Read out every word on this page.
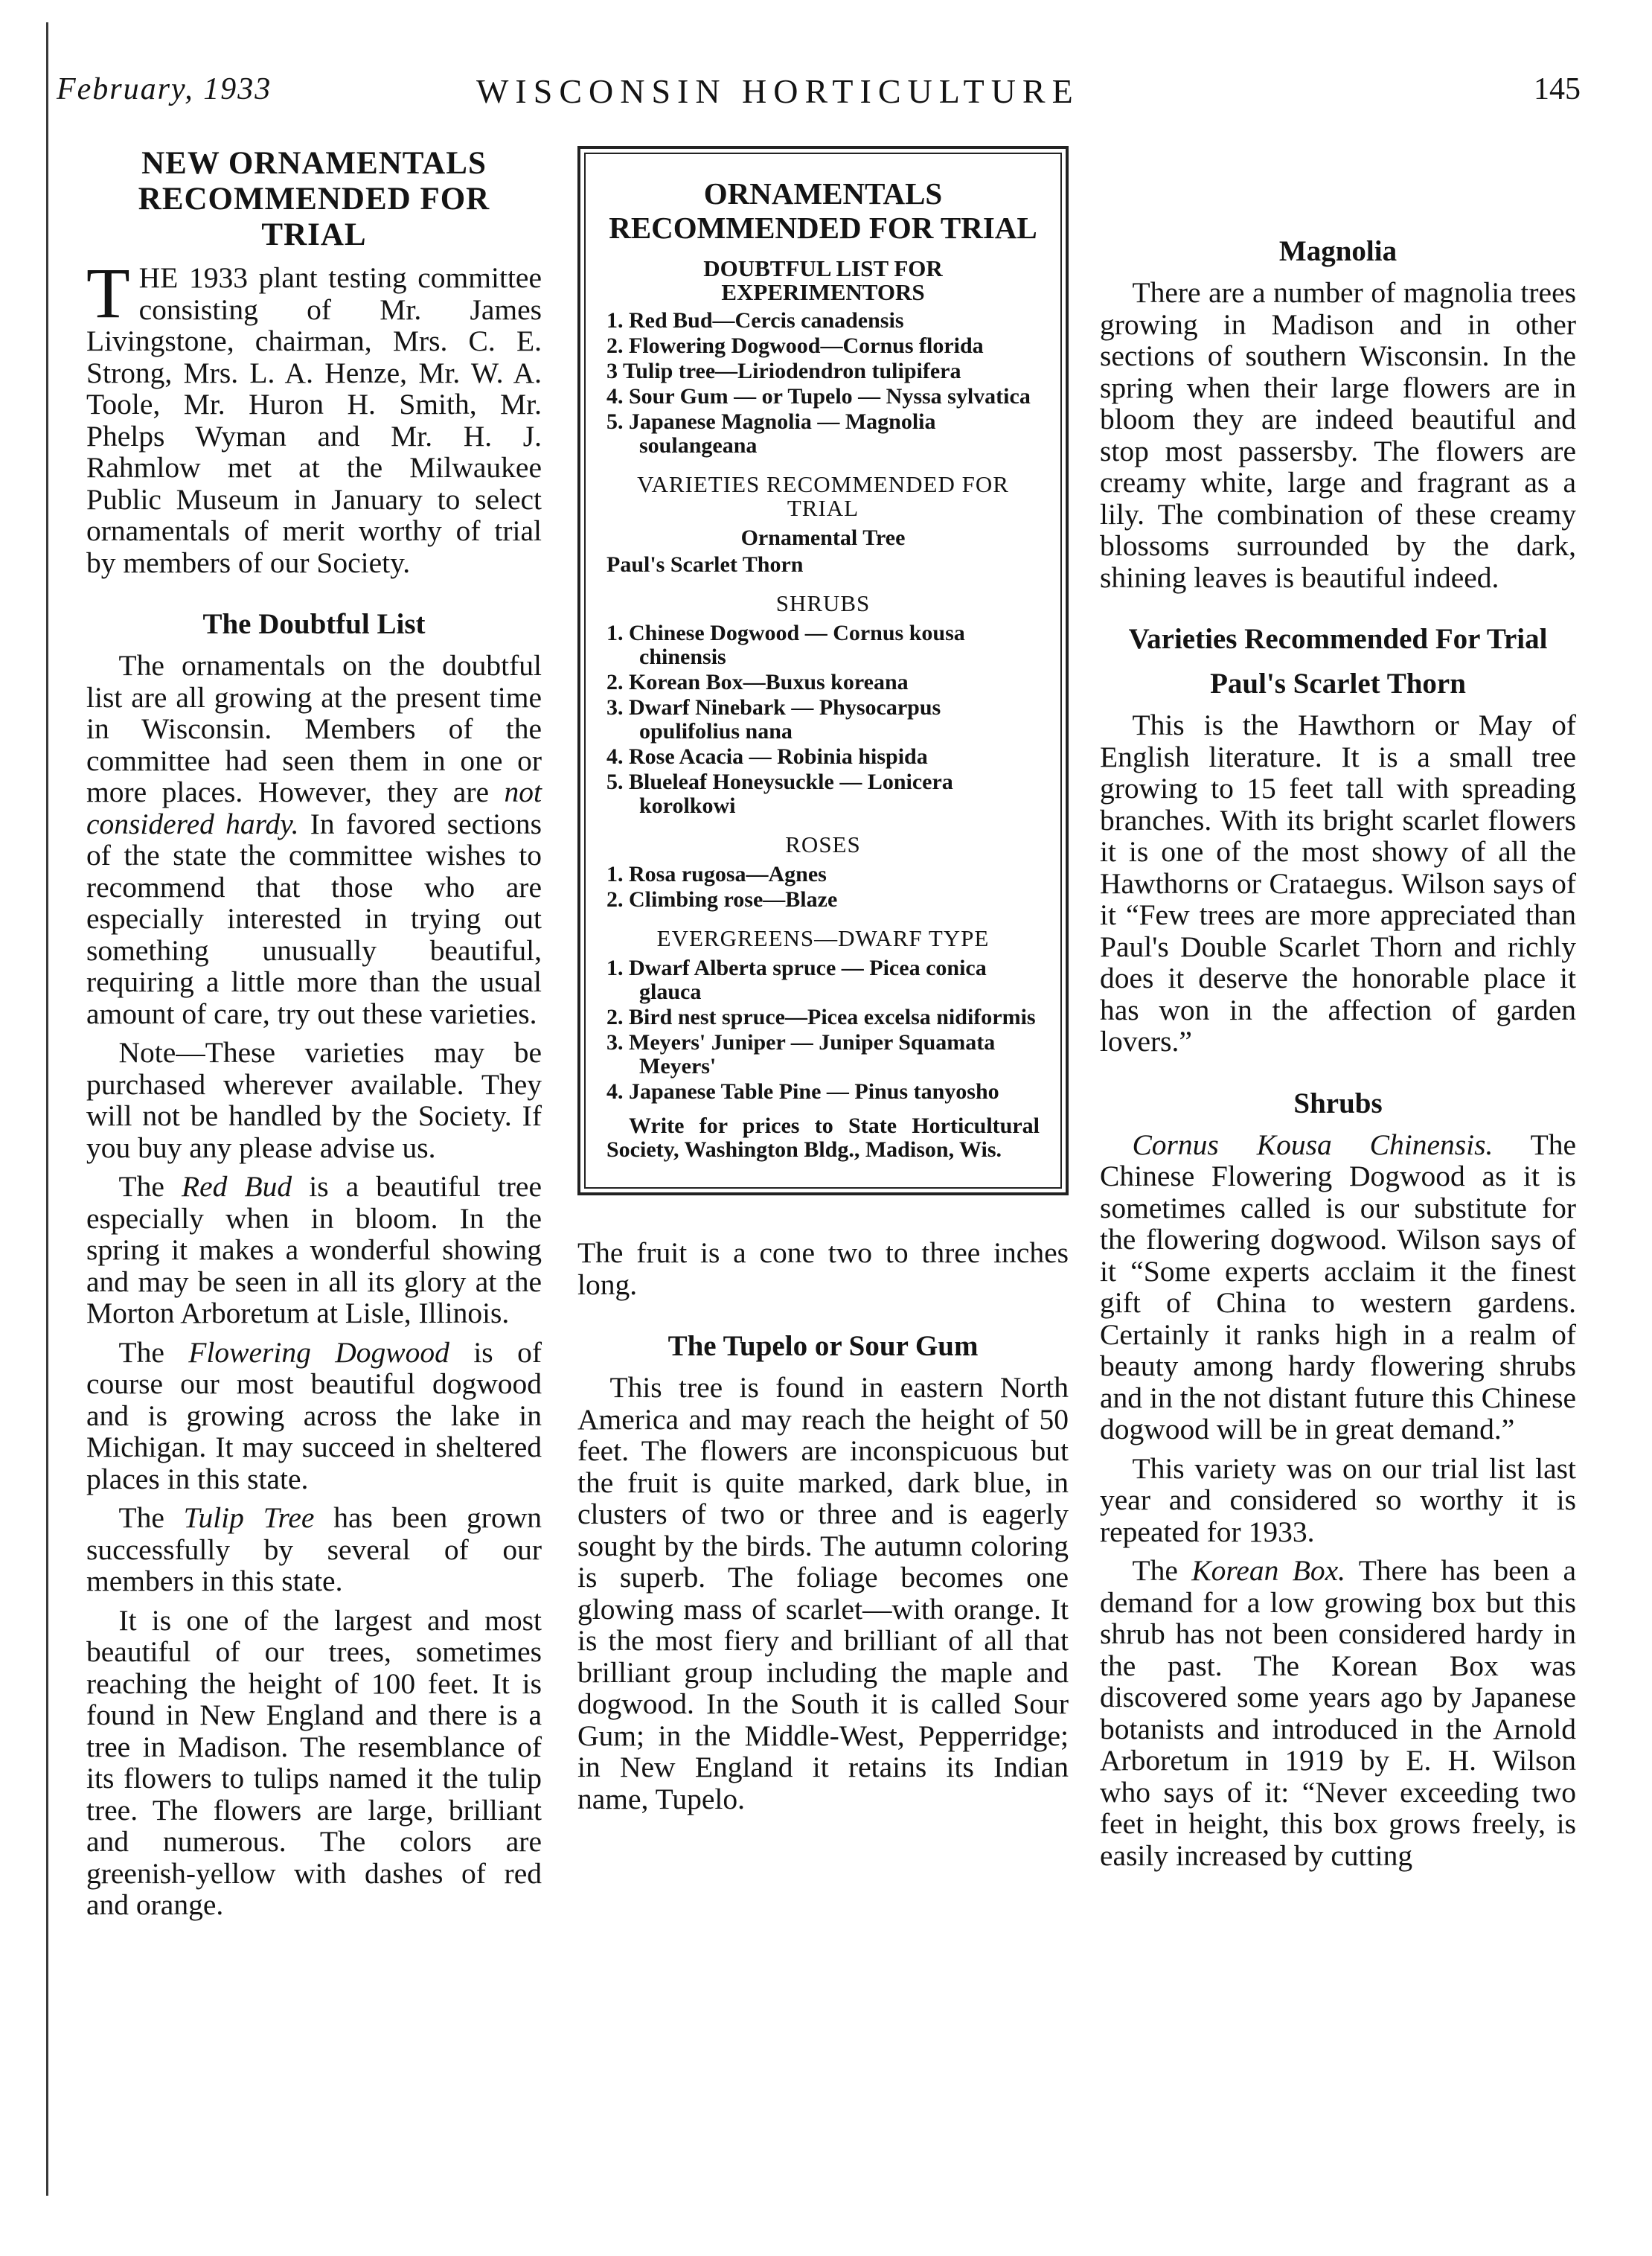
February, 1933	WISCONSIN HORTICULTURE	145
NEW ORNAMENTALS RECOMMENDED FOR TRIAL

THE 1933 plant testing committee consisting of Mr. James Livingstone, chairman, Mrs. C. E. Strong, Mrs. L. A. Henze, Mr. W. A. Toole, Mr. Huron H. Smith, Mr. Phelps Wyman and Mr. H. J. Rahmlow met at the Milwaukee Public Museum in January to select ornamentals of merit worthy of trial by members of our Society.

The Doubtful List

The ornamentals on the doubtful list are all growing at the present time in Wisconsin. Members of the committee had seen them in one or more places. However, they are not considered hardy. In favored sections of the state the committee wishes to recommend that those who are especially interested in trying out something unusually beautiful, requiring a little more than the usual amount of care, try out these varieties.

Note—These varieties may be purchased wherever available. They will not be handled by the Society. If you buy any please advise us.

The Red Bud is a beautiful tree especially when in bloom. In the spring it makes a wonderful showing and may be seen in all its glory at the Morton Arboretum at Lisle, Illinois.

The Flowering Dogwood is of course our most beautiful dogwood and is growing across the lake in Michigan. It may succeed in sheltered places in this state.

The Tulip Tree has been grown successfully by several of our members in this state.

It is one of the largest and most beautiful of our trees, sometimes reaching the height of 100 feet. It is found in New England and there is a tree in Madison. The resemblance of its flowers to tulips named it the tulip tree. The flowers are large, brilliant and numerous. The colors are greenish-yellow with dashes of red and orange.

ORNAMENTALS RECOMMENDED FOR TRIAL
DOUBTFUL LIST FOR EXPERIMENTORS
1. Red Bud—Cercis canadensis
2. Flowering Dogwood—Cornus florida
3 Tulip tree—Liriodendron tulipifera
4. Sour Gum — or Tupelo — Nyssa sylvatica
5. Japanese Magnolia — Magnolia soulangeana
VARIETIES RECOMMENDED FOR TRIAL
Ornamental Tree
Paul's Scarlet Thorn
SHRUBS
1. Chinese Dogwood — Cornus kousa chinensis
2. Korean Box—Buxus koreana
3. Dwarf Ninebark — Physocarpus opulifolius nana
4. Rose Acacia — Robinia hispida
5. Blueleaf Honeysuckle — Lonicera korolkowi
ROSES
1. Rosa rugosa—Agnes
2. Climbing rose—Blaze
EVERGREENS—DWARF TYPE
1. Dwarf Alberta spruce — Picea conica glauca
2. Bird nest spruce—Picea excelsa nidiformis
3. Meyers' Juniper — Juniper Squamata Meyers'
4. Japanese Table Pine — Pinus tanyosho
Write for prices to State Horticultural Society, Washington Bldg., Madison, Wis.

The fruit is a cone two to three inches long.

The Tupelo or Sour Gum

This tree is found in eastern North America and may reach the height of 50 feet. The flowers are inconspicuous but the fruit is quite marked, dark blue, in clusters of two or three and is eagerly sought by the birds. The autumn coloring is superb. The foliage becomes one glowing mass of scarlet—with orange. It is the most fiery and brilliant of all that brilliant group including the maple and dogwood. In the South it is called Sour Gum; in the Middle-West, Pepperridge; in New England it retains its Indian name, Tupelo.

Magnolia

There are a number of magnolia trees growing in Madison and in other sections of southern Wisconsin. In the spring when their large flowers are in bloom they are indeed beautiful and stop most passersby. The flowers are creamy white, large and fragrant as a lily. The combination of these creamy blossoms surrounded by the dark, shining leaves is beautiful indeed.

Varieties Recommended For Trial
Paul's Scarlet Thorn

This is the Hawthorn or May of English literature. It is a small tree growing to 15 feet tall with spreading branches. With its bright scarlet flowers it is one of the most showy of all the Hawthorns or Crataegus. Wilson says of it “Few trees are more appreciated than Paul's Double Scarlet Thorn and richly does it deserve the honorable place it has won in the affection of garden lovers.”

Shrubs

Cornus Kousa Chinensis. The Chinese Flowering Dogwood as it is sometimes called is our substitute for the flowering dogwood. Wilson says of it “Some experts acclaim it the finest gift of China to western gardens. Certainly it ranks high in a realm of beauty among hardy flowering shrubs and in the not distant future this Chinese dogwood will be in great demand.”

This variety was on our trial list last year and considered so worthy it is repeated for 1933.

The Korean Box. There has been a demand for a low growing box but this shrub has not been considered hardy in the past. The Korean Box was discovered some years ago by Japanese botanists and introduced in the Arnold Arboretum in 1919 by E. H. Wilson who says of it: “Never exceeding two feet in height, this box grows freely, is easily increased by cutting
